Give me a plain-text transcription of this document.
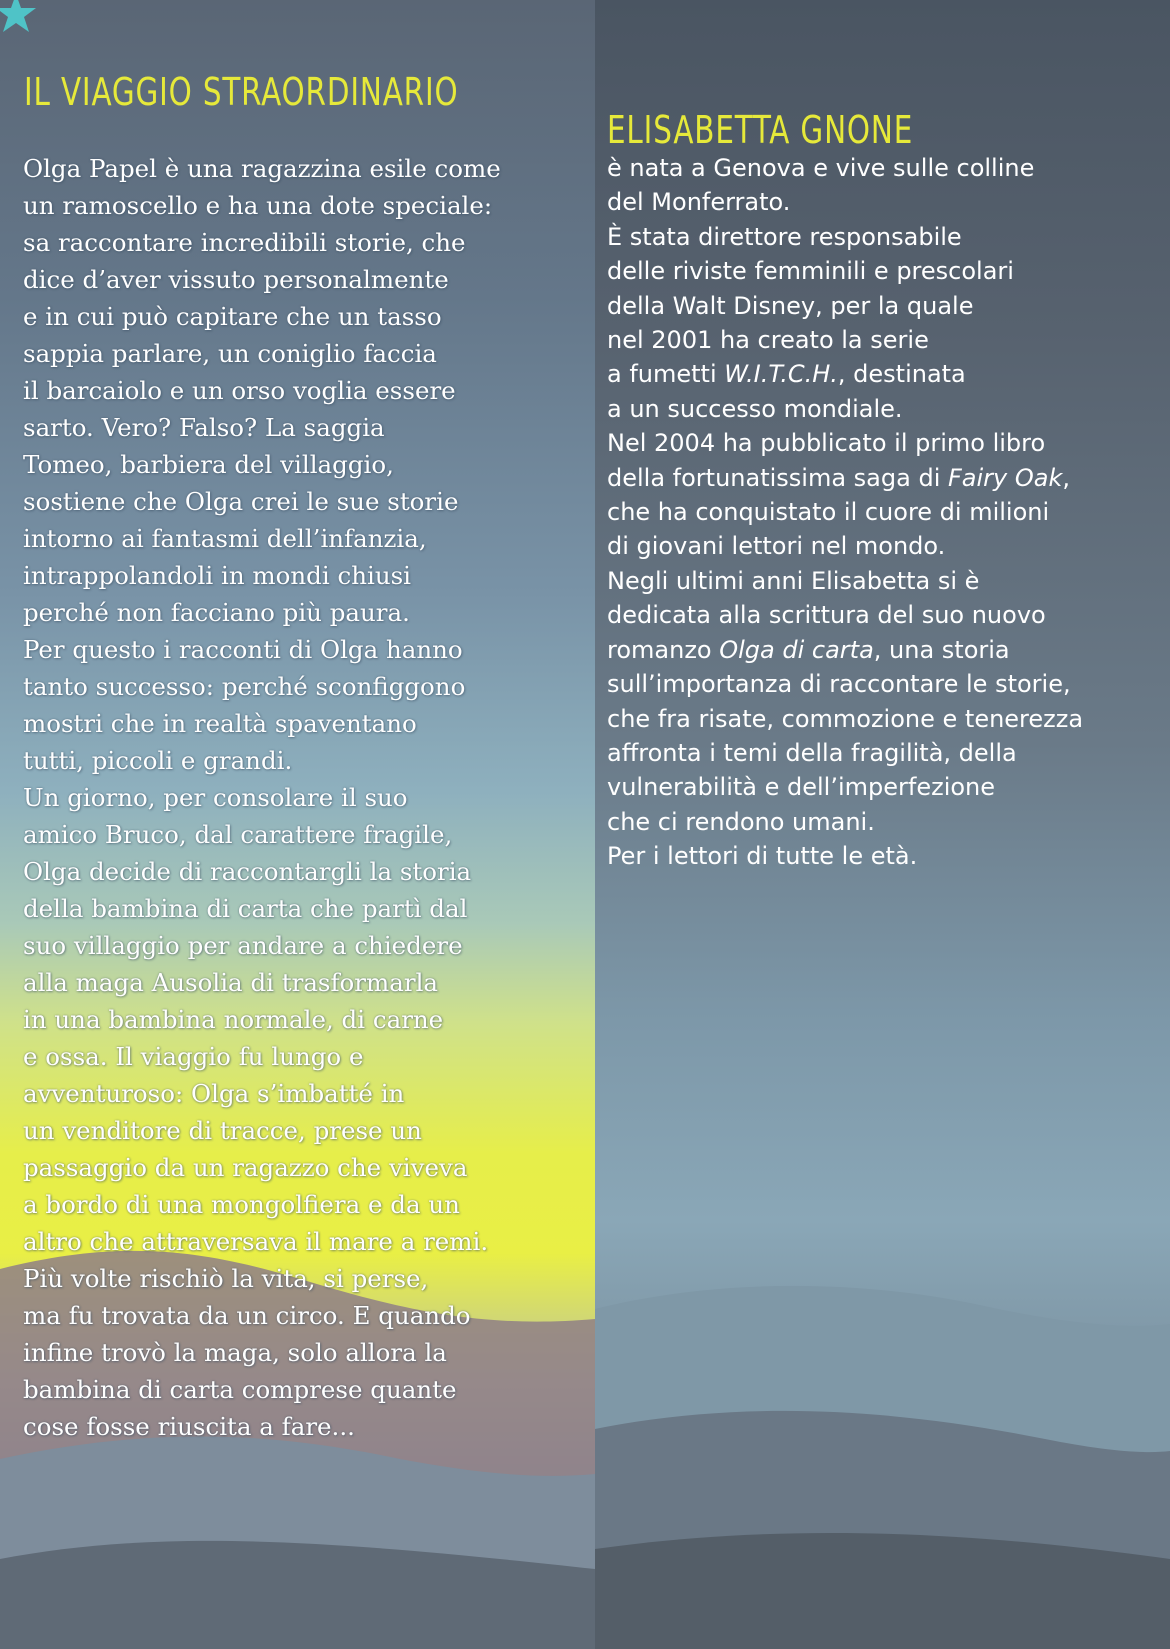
IL VIAGGIO STRAORDINARIO
Olga Papel è una ragazzina esile come
un ramoscello e ha una dote speciale:
sa raccontare incredibili storie, che
dice d’aver vissuto personalmente
e in cui può capitare che un tasso
sappia parlare, un coniglio faccia
il barcaiolo e un orso voglia essere
sarto. Vero? Falso? La saggia
Tomeo, barbiera del villaggio,
sostiene che Olga crei le sue storie
intorno ai fantasmi dell’infanzia,
intrappolandoli in mondi chiusi
perché non facciano più paura.
Per questo i racconti di Olga hanno
tanto successo: perché sconfiggono
mostri che in realtà spaventano
tutti, piccoli e grandi.
Un giorno, per consolare il suo
amico Bruco, dal carattere fragile,
Olga decide di raccontargli la storia
della bambina di carta che partì dal
suo villaggio per andare a chiedere
alla maga Ausolia di trasformarla
in una bambina normale, di carne
e ossa. Il viaggio fu lungo e
avventuroso: Olga s’imbatté in
un venditore di tracce, prese un
passaggio da un ragazzo che viveva
a bordo di una mongolfiera e da un
altro che attraversava il mare a remi.
Più volte rischiò la vita, si perse,
ma fu trovata da un circo. E quando
infine trovò la maga, solo allora la
bambina di carta comprese quante
cose fosse riuscita a fare...
ELISABETTA GNONE
è nata a Genova e vive sulle colline
del Monferrato.
È stata direttore responsabile
delle riviste femminili e prescolari
della Walt Disney, per la quale
nel 2001 ha creato la serie
a fumetti W.I.T.C.H., destinata
a un successo mondiale.
Nel 2004 ha pubblicato il primo libro
della fortunatissima saga di Fairy Oak,
che ha conquistato il cuore di milioni
di giovani lettori nel mondo.
Negli ultimi anni Elisabetta si è
dedicata alla scrittura del suo nuovo
romanzo Olga di carta, una storia
sull’importanza di raccontare le storie,
che fra risate, commozione e tenerezza
affronta i temi della fragilità, della
vulnerabilità e dell’imperfezione
che ci rendono umani.
Per i lettori di tutte le età.
